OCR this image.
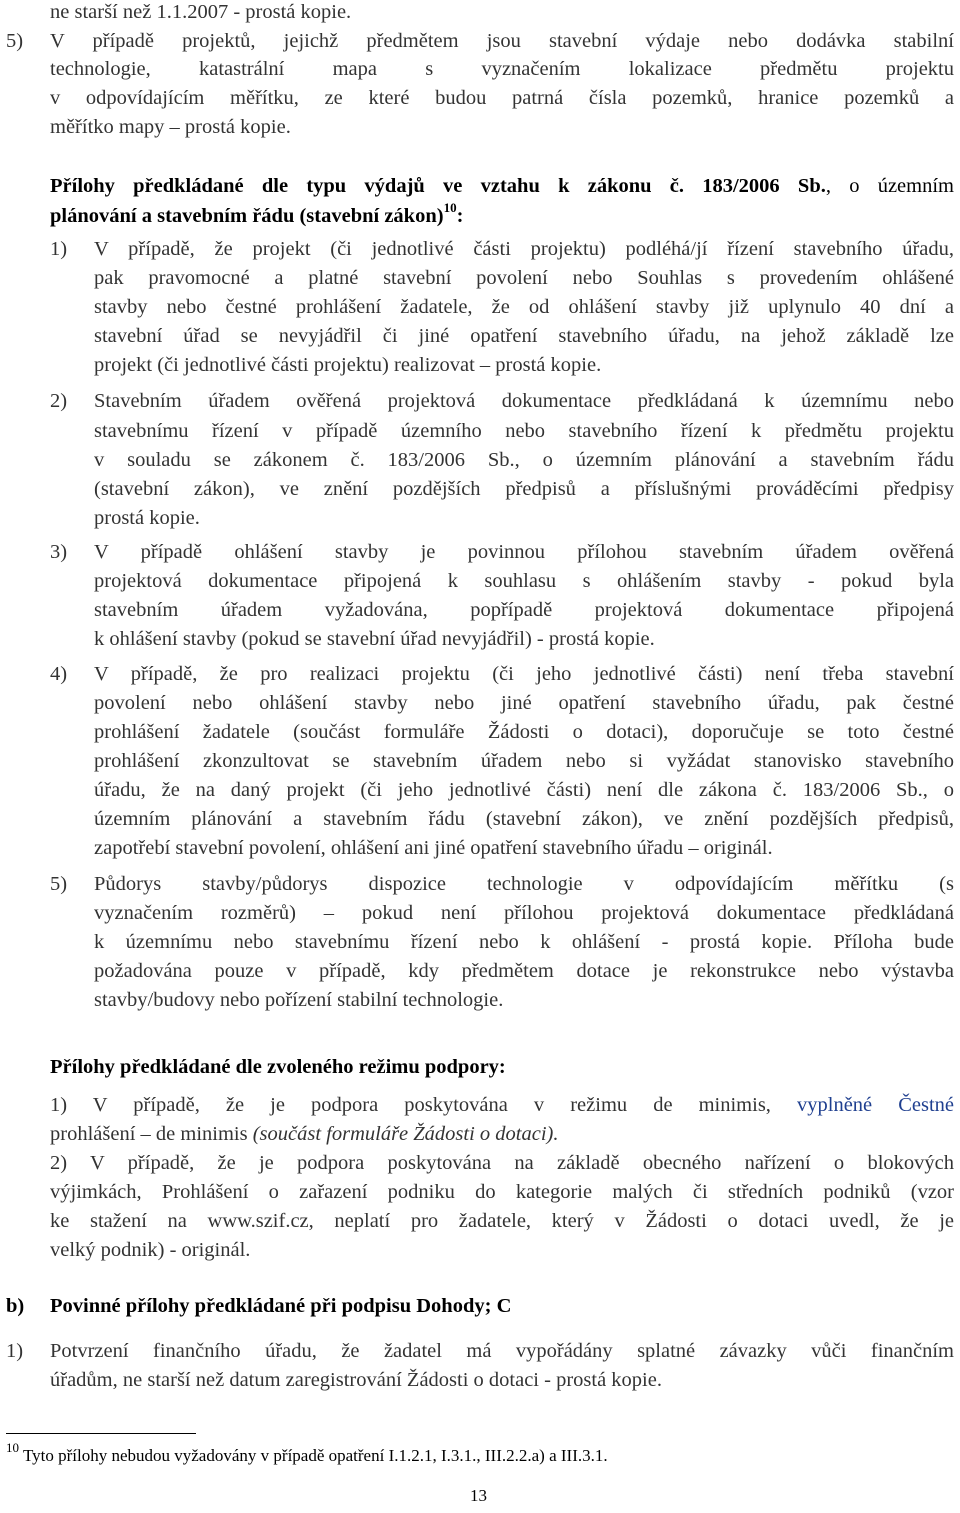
ne starší než 1.1.2007 - prostá kopie.
5) V případě projektů, jejichž předmětem jsou stavební výdaje nebo dodávka stabilní
technologie, katastrální mapa s vyznačením lokalizace předmětu projektu
v odpovídajícím měřítku, ze které budou patrná čísla pozemků, hranice pozemků a
měřítko mapy – prostá kopie.
Přílohy předkládané dle typu výdajů ve vztahu k zákonu č. 183/2006 Sb., o územním
plánování a stavebním řádu (stavební zákon)$^{10}$:
1) V případě, že projekt (či jednotlivé části projektu) podléhá/jí řízení stavebního úřadu,
pak pravomocné a platné stavební povolení nebo Souhlas s provedením ohlášené
stavby nebo čestné prohlášení žadatele, že od ohlášení stavby již uplynulo 40 dní a
stavební úřad se nevyjádřil či jiné opatření stavebního úřadu, na jehož základě lze
projekt (či jednotlivé části projektu) realizovat – prostá kopie.
2) Stavebním úřadem ověřená projektová dokumentace předkládaná k územnímu nebo
stavebnímu řízení v případě územního nebo stavebního řízení k předmětu projektu
v souladu se zákonem č. 183/2006 Sb., o územním plánování a stavebním řádu
(stavební zákon), ve znění pozdějších předpisů a příslušnými prováděcími předpisy
prostá kopie.
3) V případě ohlášení stavby je povinnou přílohou stavebním úřadem ověřená
projektová dokumentace připojená k souhlasu s ohlášením stavby - pokud byla
stavebním úřadem vyžadována, popřípadě projektová dokumentace připojená
k ohlášení stavby (pokud se stavební úřad nevyjádřil) - prostá kopie.
4) V případě, že pro realizaci projektu (či jeho jednotlivé části) není třeba stavební
povolení nebo ohlášení stavby nebo jiné opatření stavebního úřadu, pak čestné
prohlášení žadatele (součást formuláře Žádosti o dotaci), doporučuje se toto čestné
prohlášení zkonzultovat se stavebním úřadem nebo si vyžádat stanovisko stavebního
úřadu, že na daný projekt (či jeho jednotlivé části) není dle zákona č. 183/2006 Sb., o
územním plánování a stavebním řádu (stavební zákon), ve znění pozdějších předpisů,
zapotřebí stavební povolení, ohlášení ani jiné opatření stavebního úřadu – originál.
5) Půdorys stavby/půdorys dispozice technologie v odpovídajícím měřítku (s
vyznačením rozměrů) – pokud není přílohou projektová dokumentace předkládaná
k územnímu nebo stavebnímu řízení nebo k ohlášení - prostá kopie. Příloha bude
požadována pouze v případě, kdy předmětem dotace je rekonstrukce nebo výstavba
stavby/budovy nebo pořízení stabilní technologie.
Přílohy předkládané dle zvoleného režimu podpory:
1) V případě, že je podpora poskytována v režimu de minimis, vyplněné Čestné
prohlášení – de minimis (součást formuláře Žádosti o dotaci).
2) V případě, že je podpora poskytována na základě obecného nařízení o blokových
výjimkách, Prohlášení o zařazení podniku do kategorie malých či středních podniků (vzor
ke stažení na www.szif.cz, neplatí pro žadatele, který v Žádosti o dotaci uvedl, že je
velký podnik) - originál.
b) Povinné přílohy předkládané při podpisu Dohody; C
1) Potvrzení finančního úřadu, že žadatel má vypořádány splatné závazky vůči finančním
úřadům, ne starší než datum zaregistrování Žádosti o dotaci - prostá kopie.
$^{10}$ Tyto přílohy nebudou vyžadovány v případě opatření I.1.2.1, I.3.1., III.2.2.a) a III.3.1.
13
